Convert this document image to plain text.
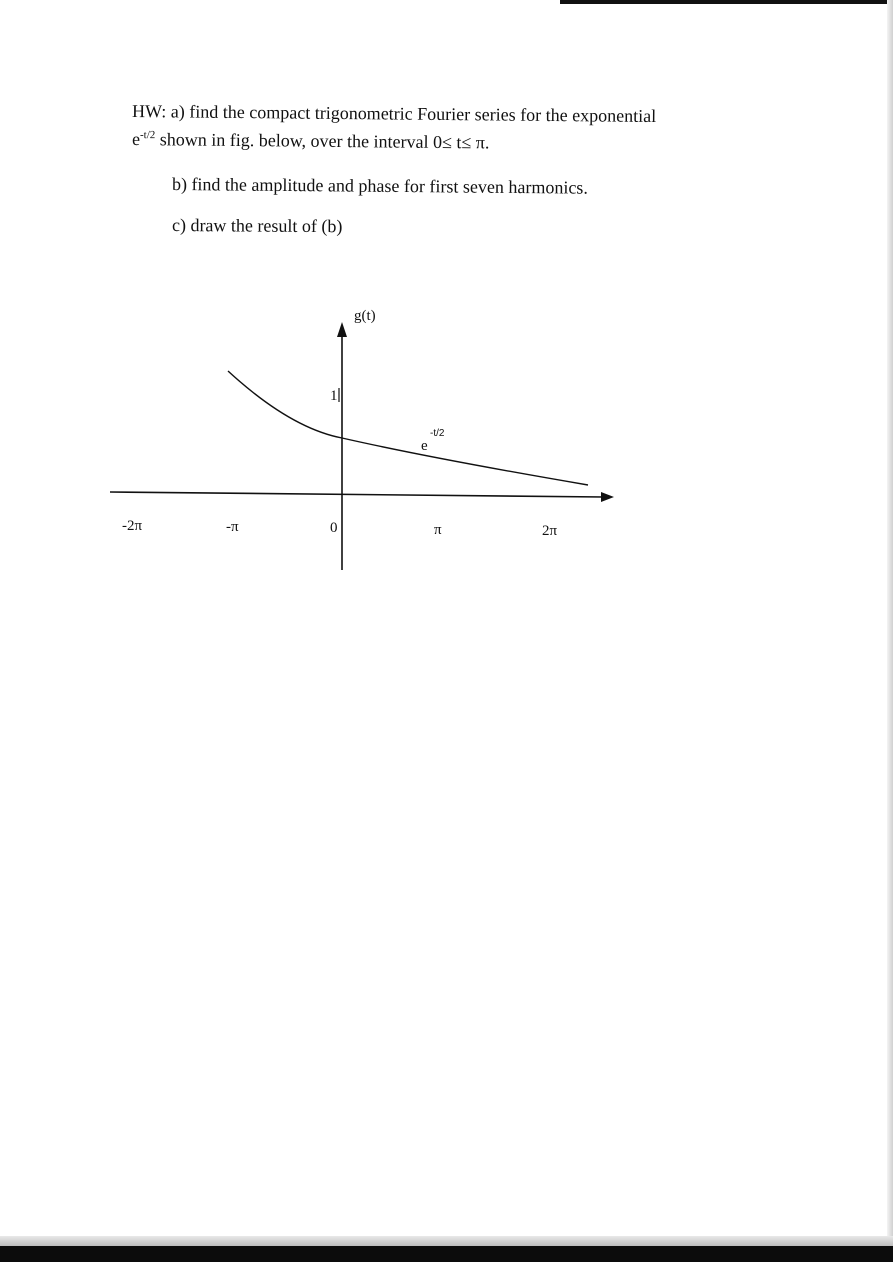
HW: a) find the compact trigonometric Fourier series for the exponential
$e^{-t/2}$ shown in fig. below, over the interval 0≤ t≤ π.
b) find the amplitude and phase for first seven harmonics.
c) draw the result of (b)
g(t)
1
e
-t/2
-2π	-π	0	π	2π
